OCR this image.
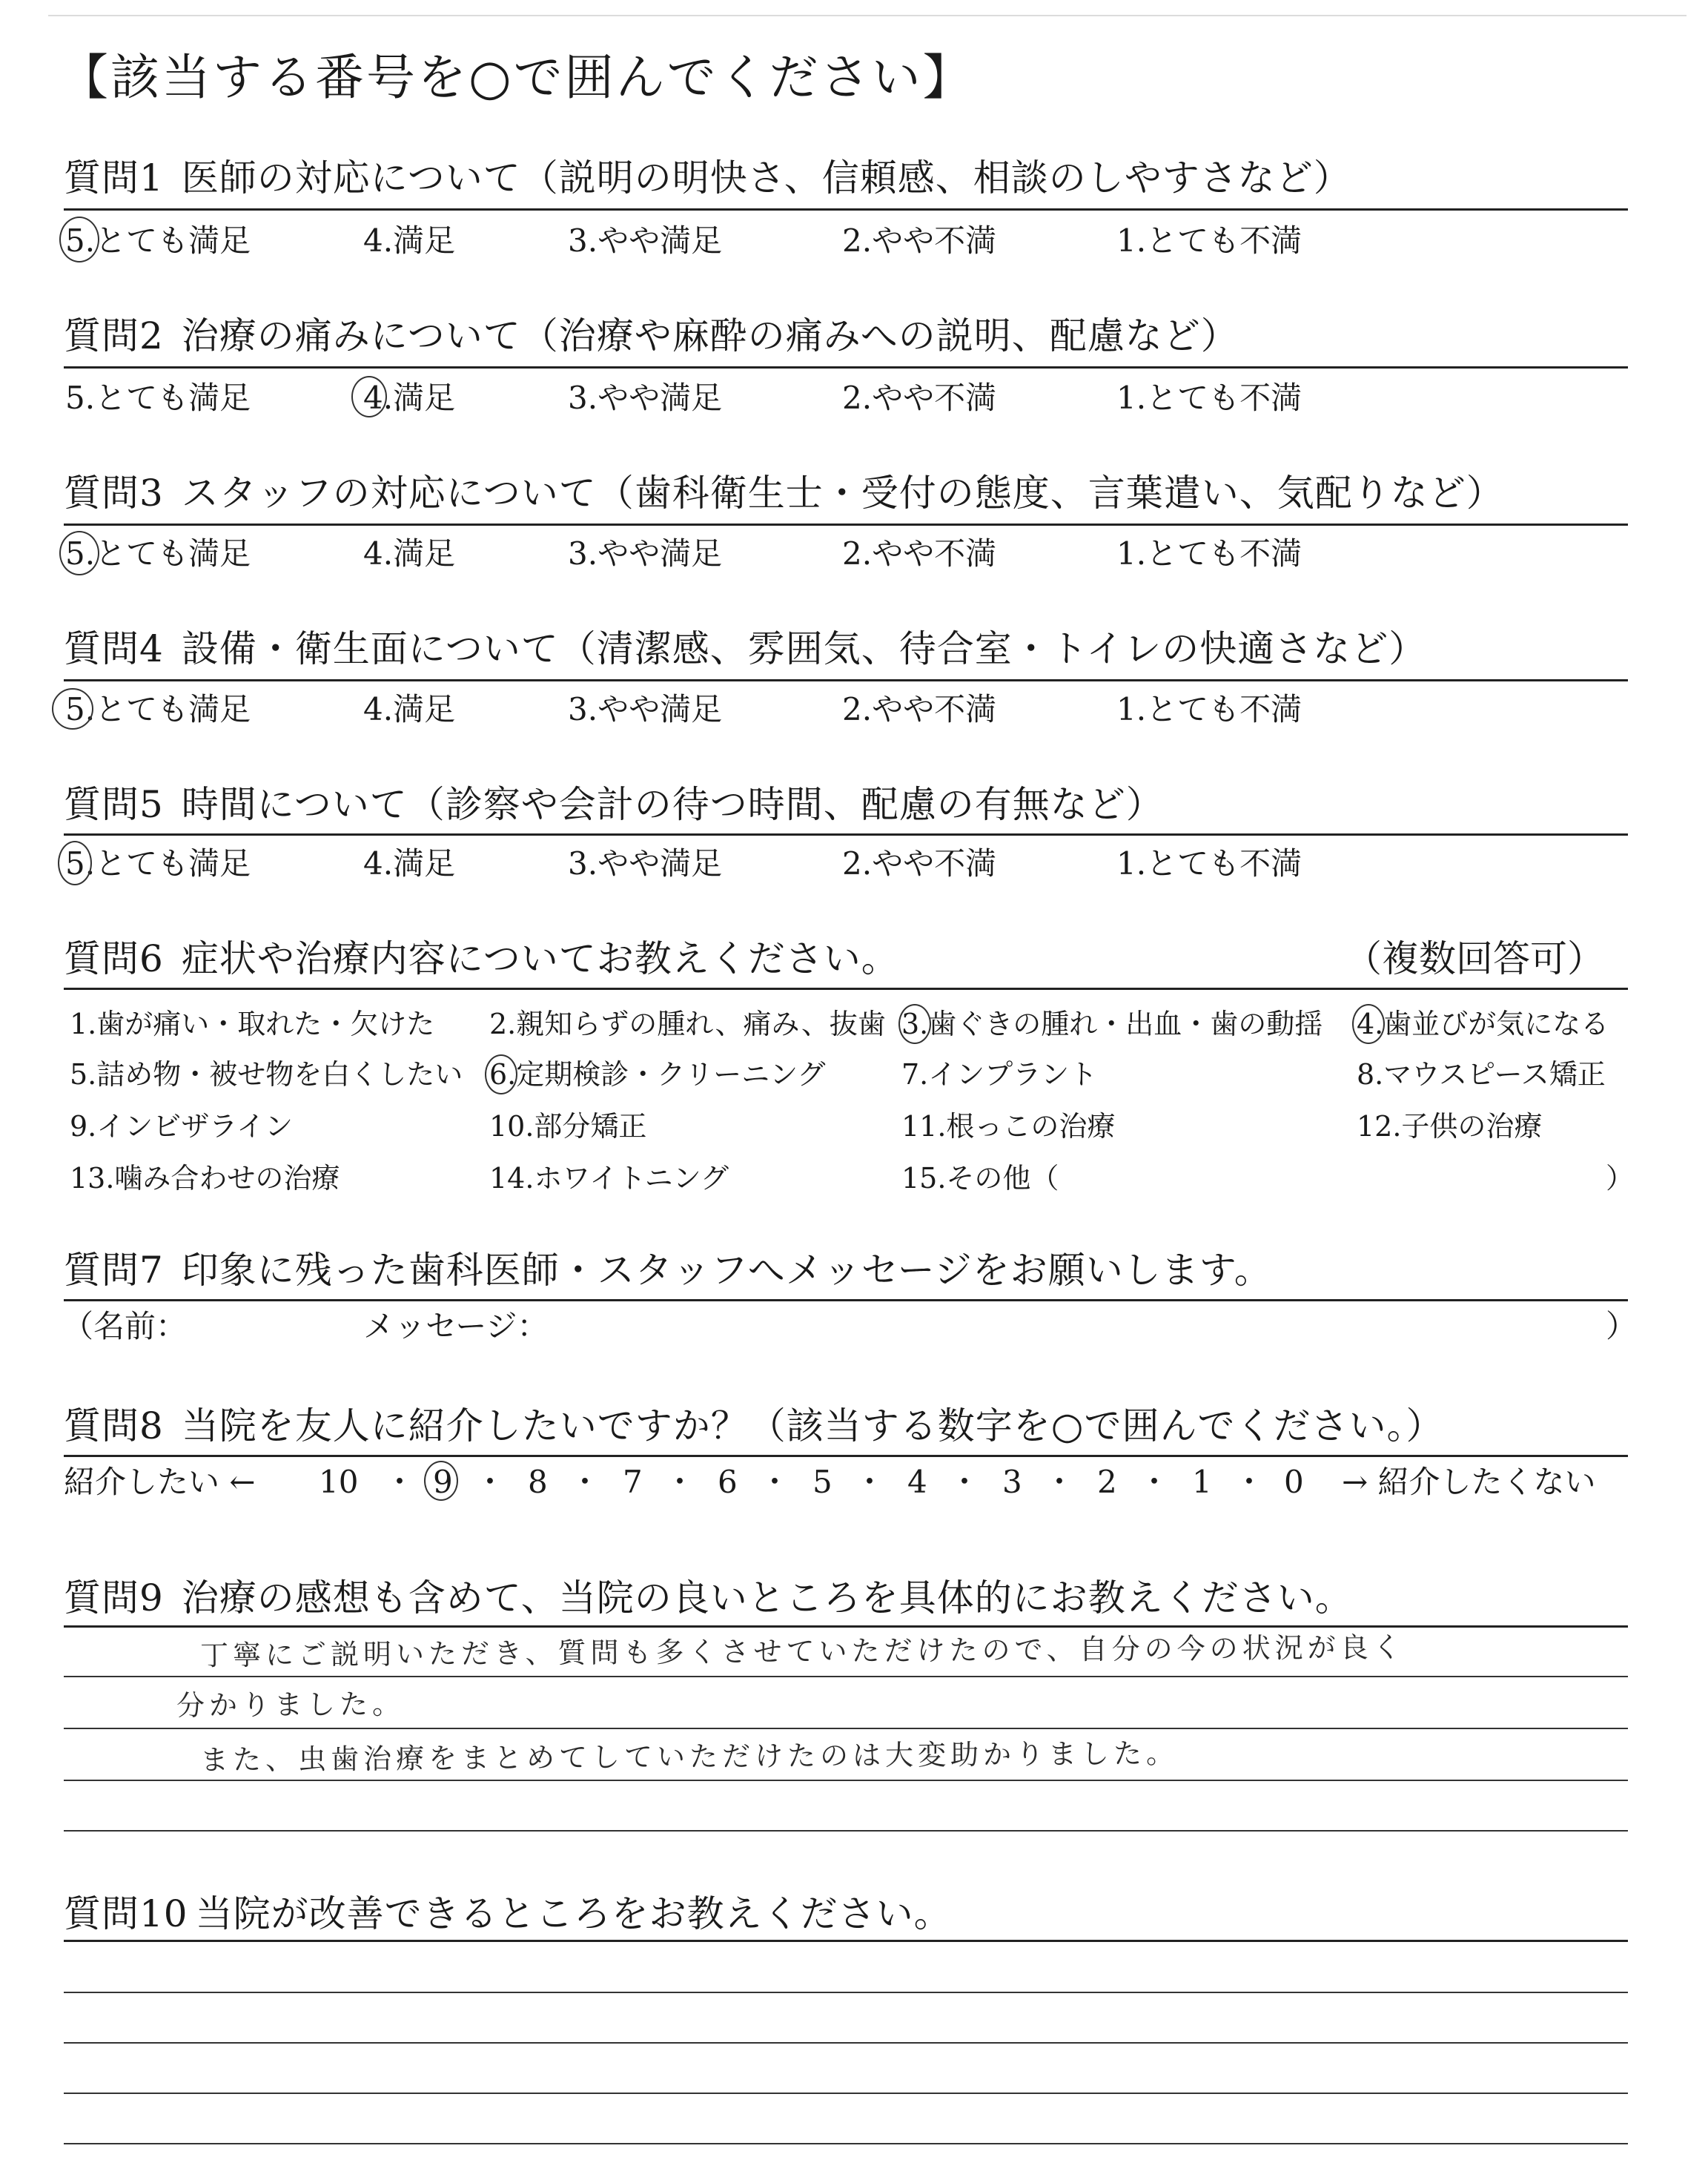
【該当する番号を○で囲んでください】
質問1 医師の対応について（説明の明快さ、信頼感、相談のしやすさなど）
5.とても満足	4.満足	3.やや満足	2.やや不満	1.とても不満
質問2 治療の痛みについて（治療や麻酔の痛みへの説明、配慮など）
5.とても満足	4.満足	3.やや満足	2.やや不満	1.とても不満
質問3 スタッフの対応について（歯科衛生士・受付の態度、言葉遣い、気配りなど）
5.とても満足	4.満足	3.やや満足	2.やや不満	1.とても不満
質問4 設備・衛生面について（清潔感、雰囲気、待合室・トイレの快適さなど）
5.とても満足	4.満足	3.やや満足	2.やや不満	1.とても不満
質問5 時間について（診察や会計の待つ時間、配慮の有無など）
5.とても満足	4.満足	3.やや満足	2.やや不満	1.とても不満
質問6 症状や治療内容についてお教えください。	（複数回答可）
1.歯が痛い・取れた・欠けた 2.親知らずの腫れ、痛み、抜歯 3.歯ぐきの腫れ・出血・歯の動揺 4.歯並びが気になる
5.詰め物・被せ物を白くしたい 6.定期検診・クリーニング	7.インプラント	8.マウスピース矯正
9.インビザライン	10.部分矯正	11.根っこの治療	12.子供の治療
13.噛み合わせの治療	14.ホワイトニング	15.その他（	）
質問7 印象に残った歯科医師・スタッフへメッセージをお願いします。
（名前：	メッセージ：	）
質問8 当院を友人に紹介したいですか？（該当する数字を○で囲んでください。）
紹介したい ← 10 ・ 9 ・ 8 ・ 7 ・ 6 ・ 5 ・ 4 ・ 3 ・ 2 ・ 1 ・ 0 → 紹介したくない
質問9 治療の感想も含めて、当院の良いところを具体的にお教えください。
丁寧にご説明いただき、質問も多くさせていただけたので、自分の今の状況が良く
分かりました。
また、虫歯治療をまとめてしていただけたのは大変助かりました。
質問10 当院が改善できるところをお教えください。
